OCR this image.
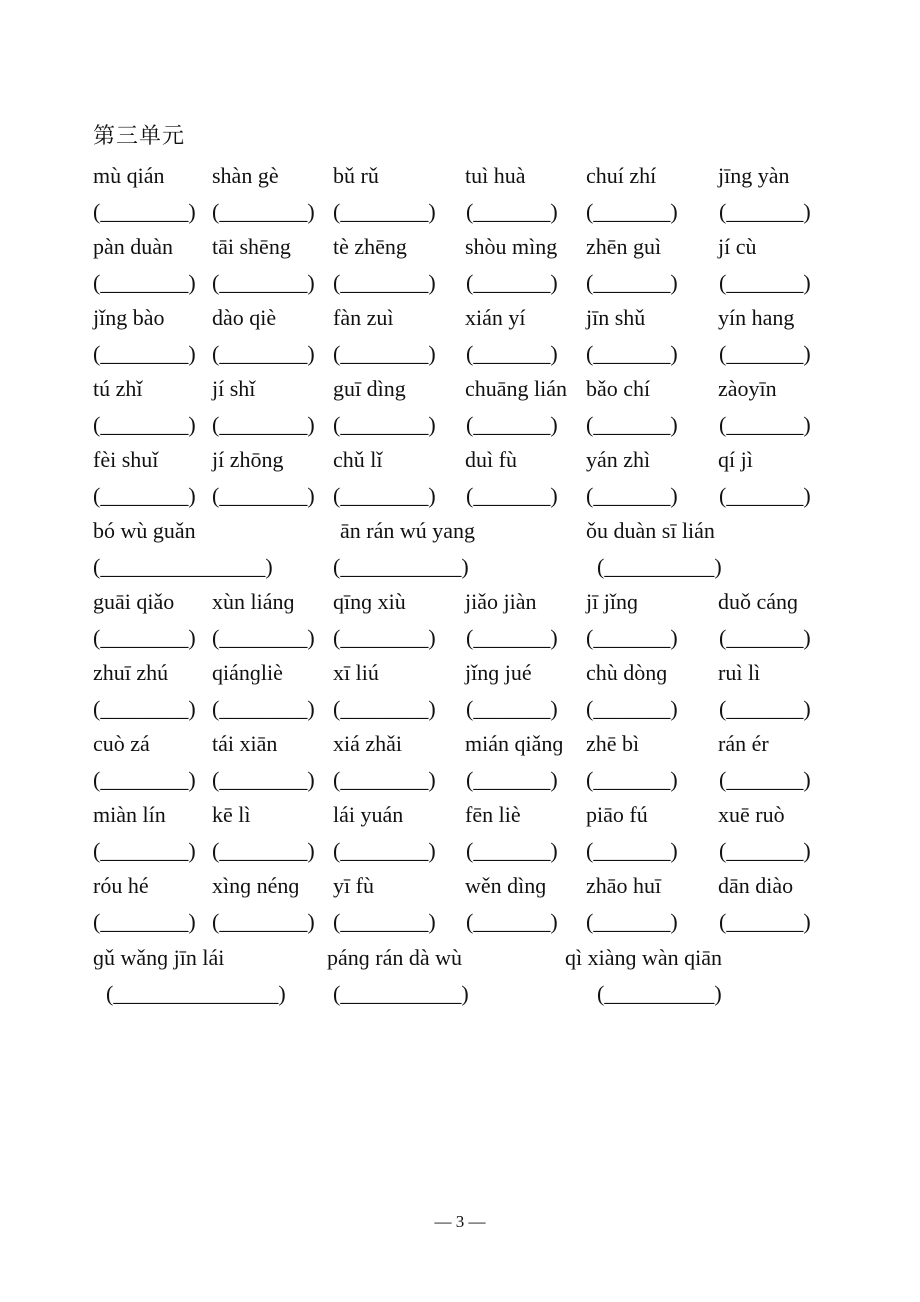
第三单元
mù qián
(________)
shàn gè
(________)
bǔ rǔ
(________)
tuì huà
(_______)
chuí zhí
(_______)
jīng yàn
(_______)
pàn duàn
(________)
tāi shēng
(________)
tè zhēng
(________)
shòu mìng
(_______)
zhēn guì
(_______)
jí cù
(_______)
jǐng bào
(________)
dào qiè
(________)
fàn zuì
(________)
xián yí
(_______)
jīn shǔ
(_______)
yín hang
(_______)
tú zhǐ
(________)
jí shǐ
(________)
guī dìng
(________)
chuāng lián
(_______)
bǎo chí
(_______)
zàoyīn
(_______)
fèi shuǐ
(________)
jí zhōng
(________)
chǔ lǐ
(________)
duì fù
(_______)
yán zhì
(_______)
qí jì
(_______)
bó wù guǎn
(_______________)
ān rán wú yang
(___________)
ǒu duàn sī lián
(__________)
guāi qiǎo
(________)
xùn liánɡ
(________)
qīnɡ xiù
(________)
jiǎo jiàn
(_______)
jī jǐnɡ
(_______)
duǒ cánɡ
(_______)
zhuī zhú
(________)
qiánɡliè
(________)
xī liú
(________)
jǐnɡ jué
(_______)
chù dònɡ
(_______)
ruì lì
(_______)
cuò zá
(________)
tái xiān
(________)
xiá zhǎi
(________)
mián qiǎnɡ
(_______)
zhē bì
(_______)
rán ér
(_______)
miàn lín
(________)
kē lì
(________)
lái yuán
(________)
fēn liè
(_______)
piāo fú
(_______)
xuē ruò
(_______)
róu hé
(________)
xìnɡ nénɡ
(________)
yī fù
(________)
wěn dìnɡ
(_______)
zhāo huī
(_______)
dān diào
(_______)
ɡǔ wǎnɡ jīn lái
(_______________)
pánɡ rán dà wù
(___________)
qì xiànɡ wàn qiān
(__________)
— 3 —
